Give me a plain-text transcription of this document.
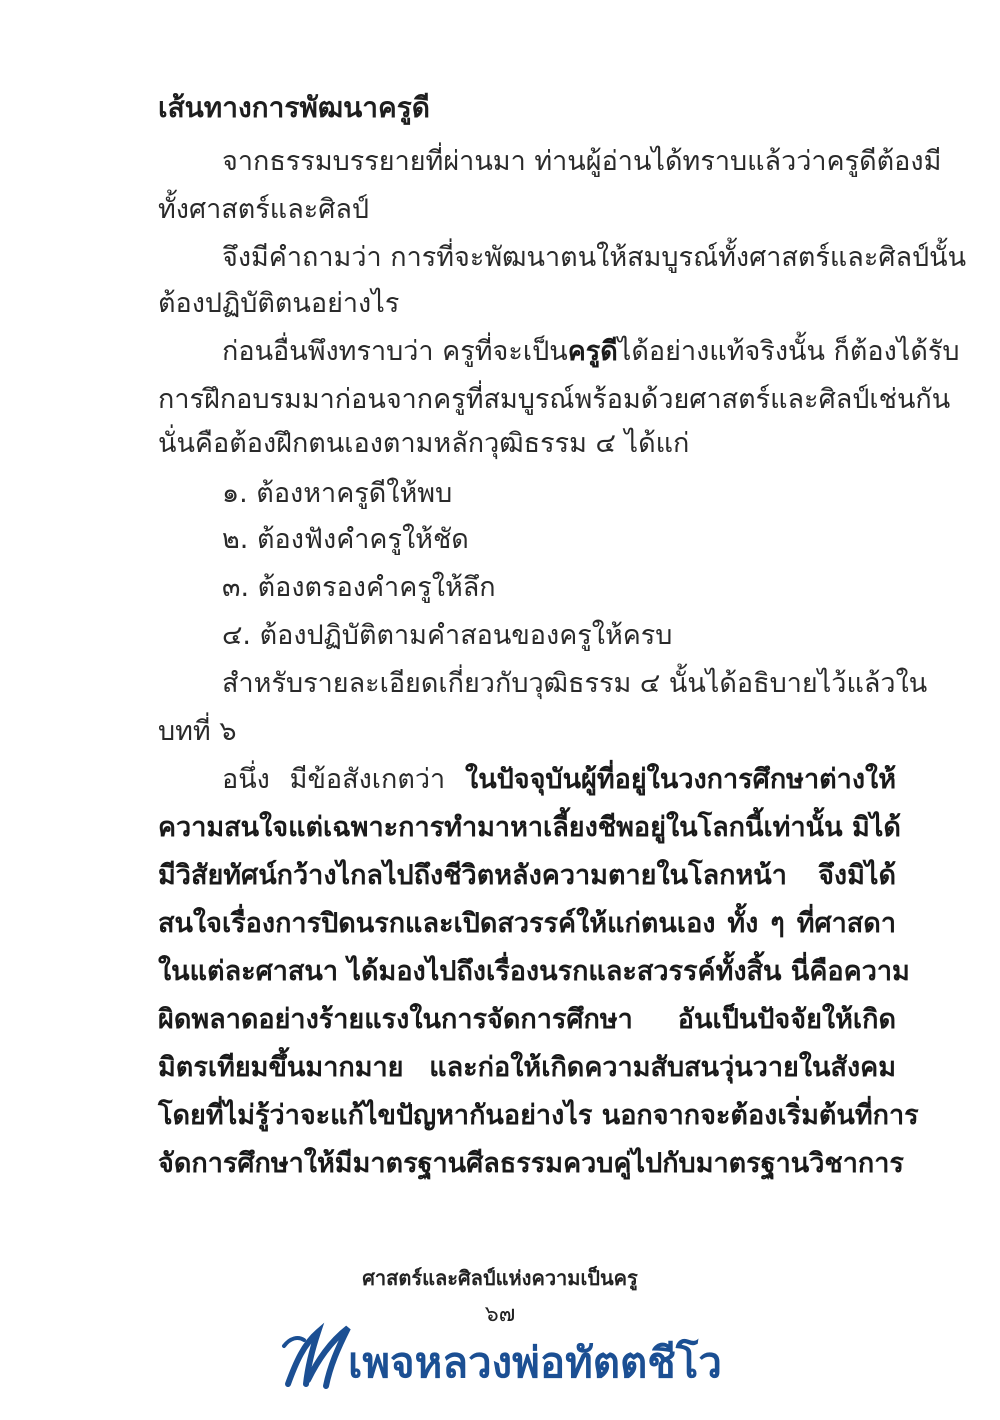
เส้นทางการพัฒนาครูดี
จากธรรมบรรยายที่ผ่านมา ท่านผู้อ่านได้ทราบแล้วว่าครูดีต้องมี
ทั้งศาสตร์และศิลป์
จึงมีคำถามว่า การที่จะพัฒนาตนให้สมบูรณ์ทั้งศาสตร์และศิลป์นั้น
ต้องปฏิบัติตนอย่างไร
ก่อนอื่นพึงทราบว่า ครูที่จะเป็นครูดีได้อย่างแท้จริงนั้น ก็ต้องได้รับ
การฝึกอบรมมาก่อนจากครูที่สมบูรณ์พร้อมด้วยศาสตร์และศิลป์เช่นกัน
นั่นคือต้องฝึกตนเองตามหลักวุฒิธรรม ๔ ได้แก่
๑. ต้องหาครูดีให้พบ
๒. ต้องฟังคำครูให้ชัด
๓. ต้องตรองคำครูให้ลึก
๔. ต้องปฏิบัติตามคำสอนของครูให้ครบ
สำหรับรายละเอียดเกี่ยวกับวุฒิธรรม ๔ นั้นได้อธิบายไว้แล้วใน
บทที่ ๖
อนึ่ง มีข้อสังเกตว่า ในปัจจุบันผู้ที่อยู่ในวงการศึกษาต่างให้
ความสนใจแต่เฉพาะการทำมาหาเลี้ยงชีพอยู่ในโลกนี้เท่านั้น มิได้
มีวิสัยทัศน์กว้างไกลไปถึงชีวิตหลังความตายในโลกหน้า จึงมิได้
สนใจเรื่องการปิดนรกและเปิดสวรรค์ให้แก่ตนเอง ทั้ง ๆ ที่ศาสดา
ในแต่ละศาสนา ได้มองไปถึงเรื่องนรกและสวรรค์ทั้งสิ้น นี่คือความ
ผิดพลาดอย่างร้ายแรงในการจัดการศึกษา อันเป็นปัจจัยให้เกิด
มิตรเทียมขึ้นมากมาย และก่อให้เกิดความสับสนวุ่นวายในสังคม
โดยที่ไม่รู้ว่าจะแก้ไขปัญหากันอย่างไร นอกจากจะต้องเริ่มต้นที่การ
จัดการศึกษาให้มีมาตรฐานศีลธรรมควบคู่ไปกับมาตรฐานวิชาการ
ศาสตร์และศิลป์แห่งความเป็นครู
๖๗
เพจหลวงพ่อทัตตชีโว
